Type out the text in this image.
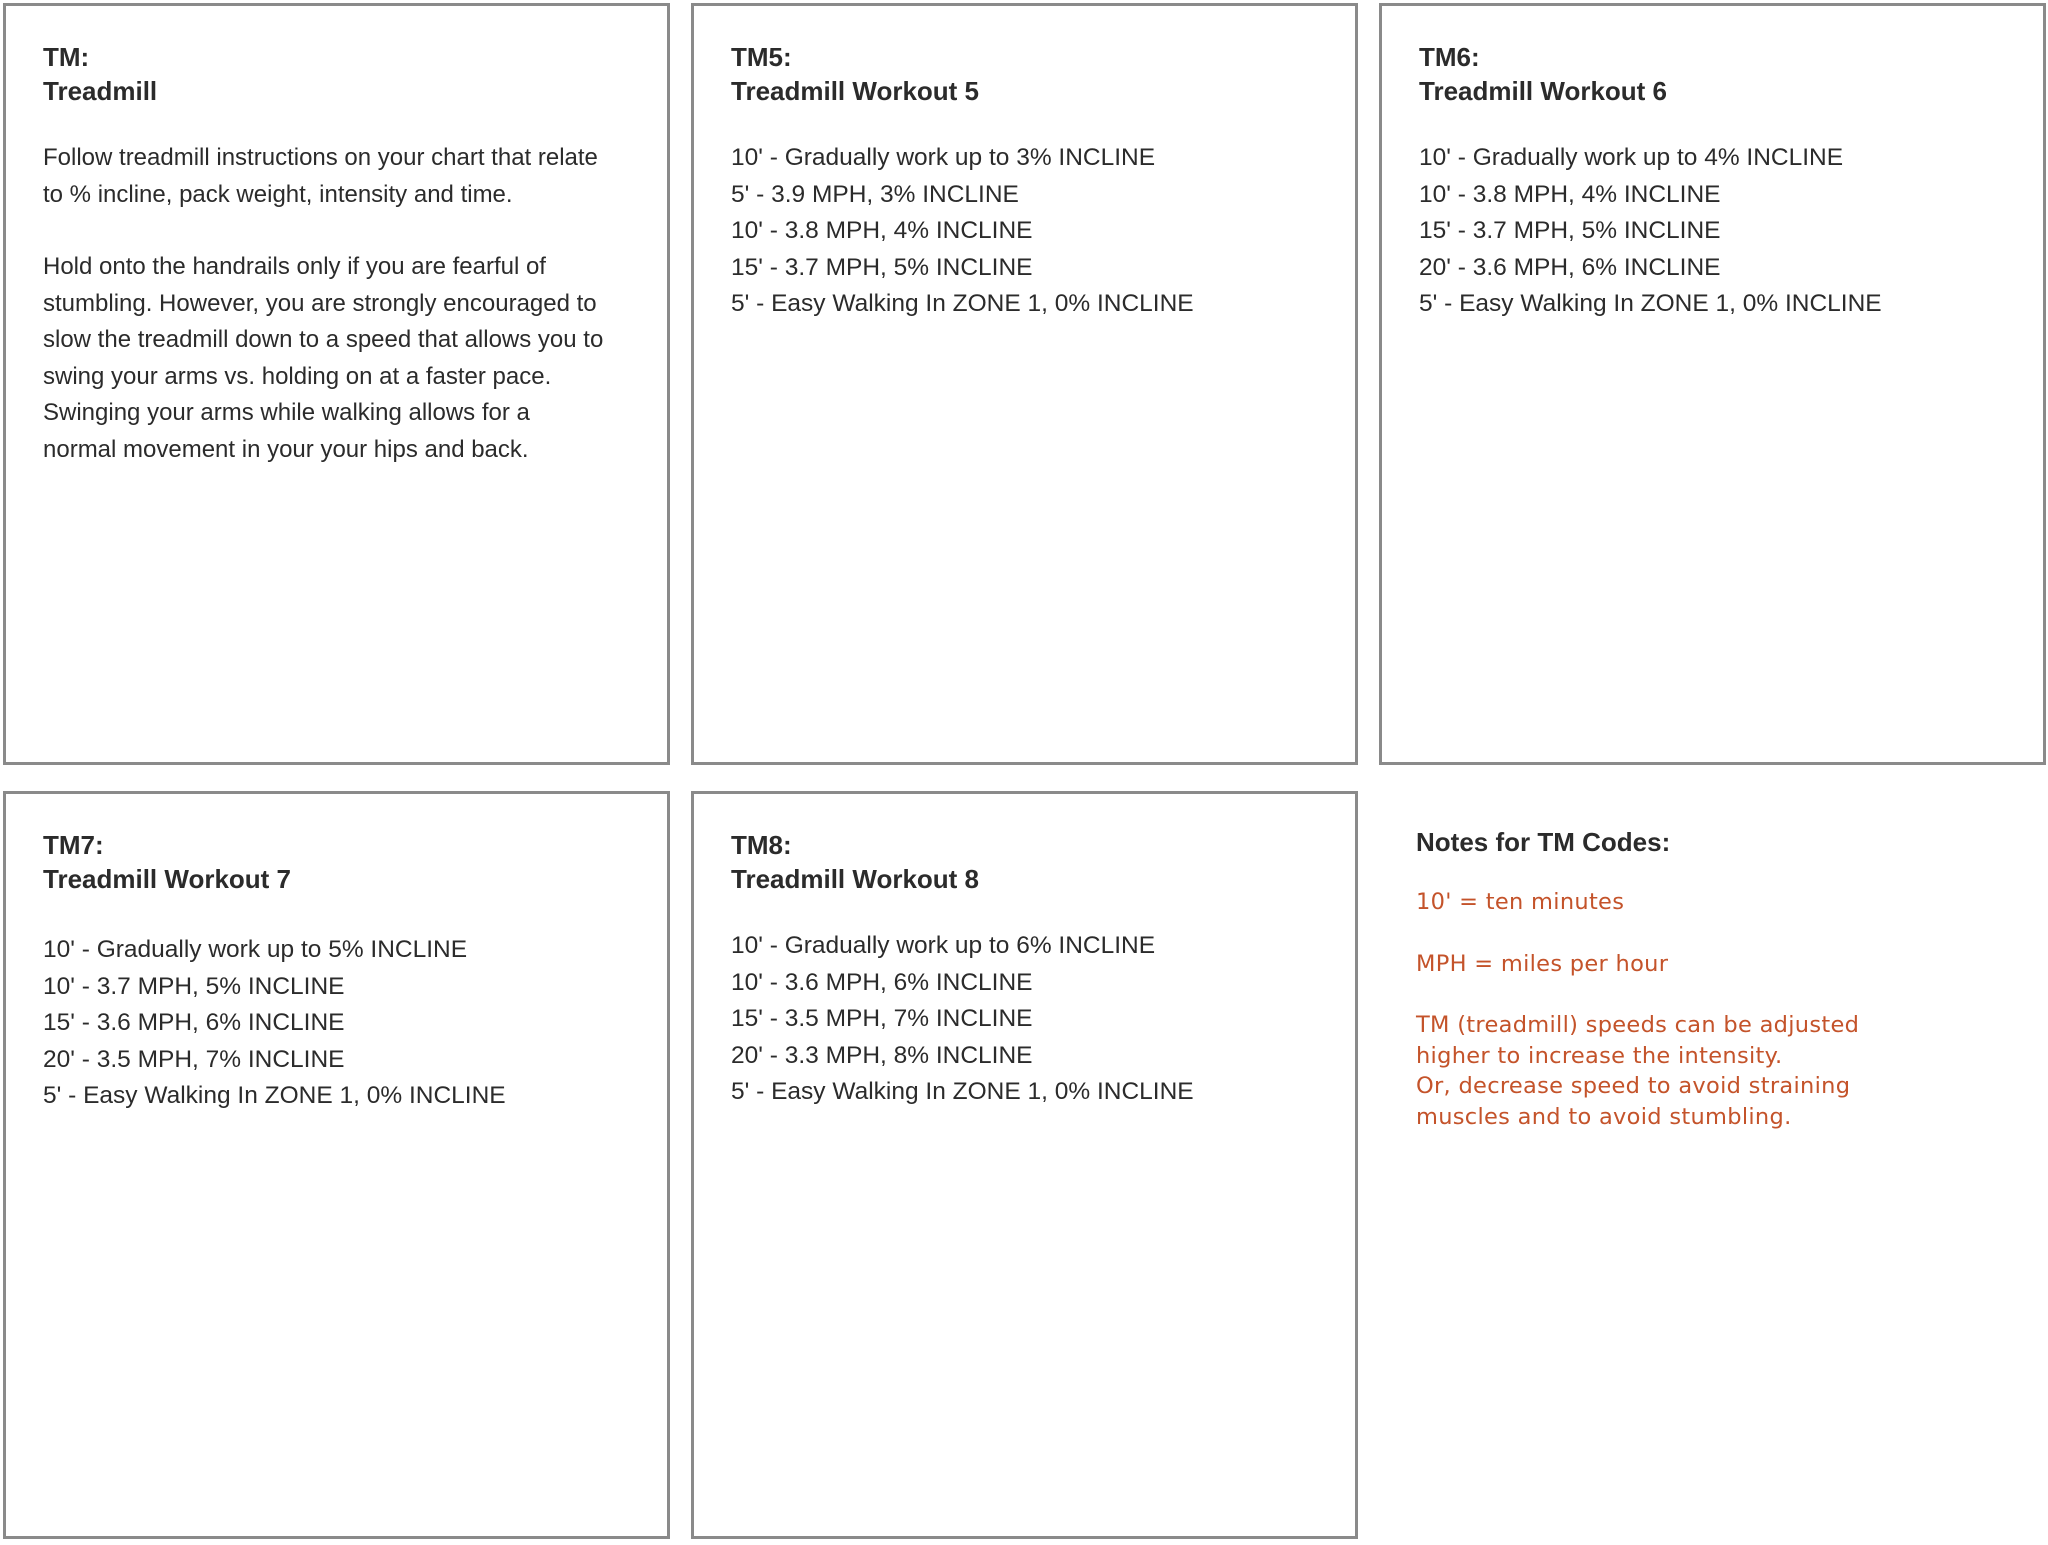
TM:

Treadmill

Follow treadmill instructions on your chart that relate

to % incline, pack weight, intensity and time.

Hold onto the handrails only if you are fearful of

stumbling. However, you are strongly encouraged to

slow the treadmill down to a speed that allows you to

swing your arms vs. holding on at a faster pace.

Swinging your arms while walking allows for a

normal movement in your your hips and back.

TM5:

Treadmill Workout 5

10' - Gradually work up to 3% INCLINE

5' - 3.9 MPH, 3% INCLINE

10' - 3.8 MPH, 4% INCLINE

15' - 3.7 MPH, 5% INCLINE

5' - Easy Walking In ZONE 1, 0% INCLINE

TM6:

Treadmill Workout 6

10' - Gradually work up to 4% INCLINE

10' - 3.8 MPH, 4% INCLINE

15' - 3.7 MPH, 5% INCLINE

20' - 3.6 MPH, 6% INCLINE

5' - Easy Walking In ZONE 1, 0% INCLINE

TM7:

Treadmill Workout 7

10' - Gradually work up to 5% INCLINE

10' - 3.7 MPH, 5% INCLINE

15' - 3.6 MPH, 6% INCLINE

20' - 3.5 MPH, 7% INCLINE

5' - Easy Walking In ZONE 1, 0% INCLINE

TM8:

Treadmill Workout 8

10' - Gradually work up to 6% INCLINE

10' - 3.6 MPH, 6% INCLINE

15' - 3.5 MPH, 7% INCLINE

20' - 3.3 MPH, 8% INCLINE

5' - Easy Walking In ZONE 1, 0% INCLINE

Notes for TM Codes:

10' = ten minutes

MPH = miles per hour

TM (treadmill) speeds can be adjusted

higher to increase the intensity.

Or, decrease speed to avoid straining

muscles and to avoid stumbling.
